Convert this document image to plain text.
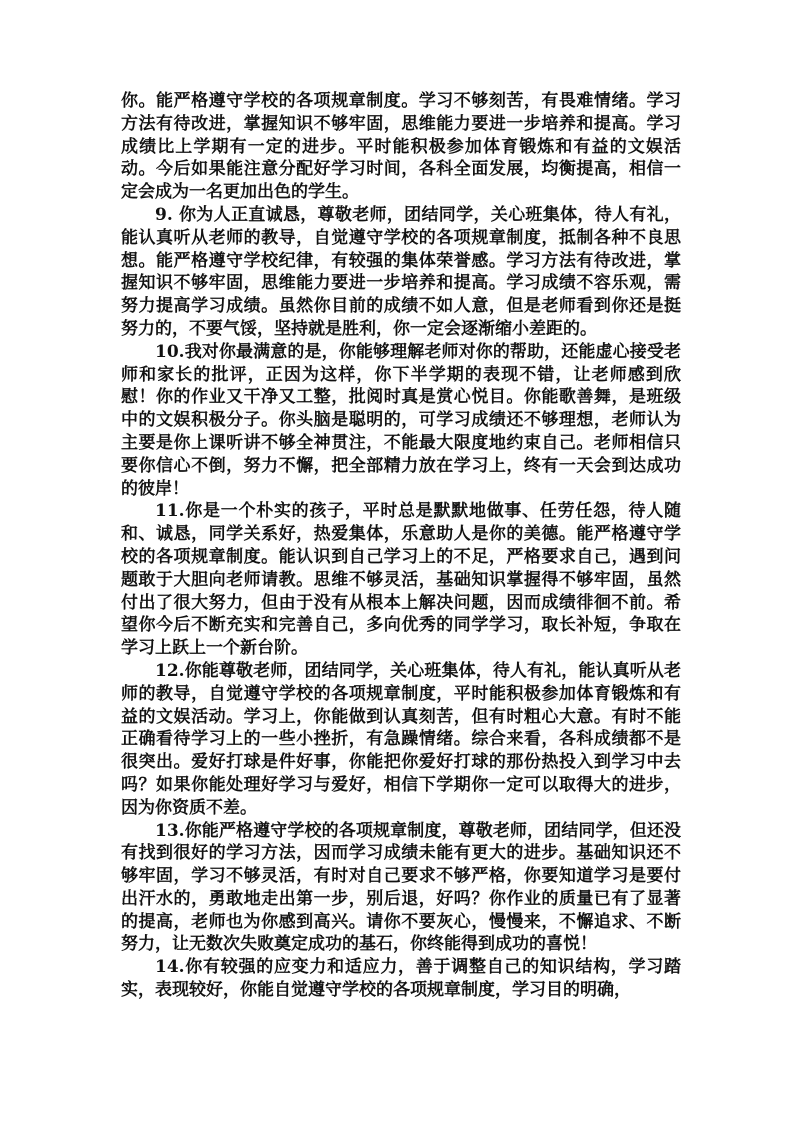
你。能严格遵守学校的各项规章制度。学习不够刻苦，有畏难情绪。学习方法有待改进，掌握知识不够牢固，思维能力要进一步培养和提高。学习成绩比上学期有一定的进步。平时能积极参加体育锻炼和有益的文娱活动。今后如果能注意分配好学习时间，各科全面发展，均衡提高，相信一定会成为一名更加出色的学生。

9. 你为人正直诚恳，尊敬老师，团结同学，关心班集体，待人有礼，能认真听从老师的教导，自觉遵守学校的各项规章制度，抵制各种不良思想。能严格遵守学校纪律，有较强的集体荣誉感。学习方法有待改进，掌握知识不够牢固，思维能力要进一步培养和提高。学习成绩不容乐观，需努力提高学习成绩。虽然你目前的成绩不如人意，但是老师看到你还是挺努力的，不要气馁，坚持就是胜利，你一定会逐渐缩小差距的。

10.我对你最满意的是，你能够理解老师对你的帮助，还能虚心接受老师和家长的批评，正因为这样，你下半学期的表现不错，让老师感到欣慰！你的作业又干净又工整，批阅时真是赏心悦目。你能歌善舞，是班级中的文娱积极分子。你头脑是聪明的，可学习成绩还不够理想，老师认为主要是你上课听讲不够全神贯注，不能最大限度地约束自己。老师相信只要你信心不倒，努力不懈，把全部精力放在学习上，终有一天会到达成功的彼岸！

11.你是一个朴实的孩子，平时总是默默地做事、任劳任怨，待人随和、诚恳，同学关系好，热爱集体，乐意助人是你的美德。能严格遵守学校的各项规章制度。能认识到自己学习上的不足，严格要求自己，遇到问题敢于大胆向老师请教。思维不够灵活，基础知识掌握得不够牢固，虽然付出了很大努力，但由于没有从根本上解决问题，因而成绩徘徊不前。希望你今后不断充实和完善自己，多向优秀的同学学习，取长补短，争取在学习上跃上一个新台阶。

12.你能尊敬老师，团结同学，关心班集体，待人有礼，能认真听从老师的教导，自觉遵守学校的各项规章制度，平时能积极参加体育锻炼和有益的文娱活动。学习上，你能做到认真刻苦，但有时粗心大意。有时不能正确看待学习上的一些小挫折，有急躁情绪。综合来看，各科成绩都不是很突出。爱好打球是件好事，你能把你爱好打球的那份热投入到学习中去吗？如果你能处理好学习与爱好，相信下学期你一定可以取得大的进步，因为你资质不差。

13.你能严格遵守学校的各项规章制度，尊敬老师，团结同学，但还没有找到很好的学习方法，因而学习成绩未能有更大的进步。基础知识还不够牢固，学习不够灵活，有时对自己要求不够严格，你要知道学习是要付出汗水的，勇敢地走出第一步，别后退，好吗？你作业的质量已有了显著的提高，老师也为你感到高兴。请你不要灰心，慢慢来，不懈追求、不断努力，让无数次失败奠定成功的基石，你终能得到成功的喜悦！

14.你有较强的应变力和适应力，善于调整自己的知识结构，学习踏实，表现较好，你能自觉遵守学校的各项规章制度，学习目的明确，
